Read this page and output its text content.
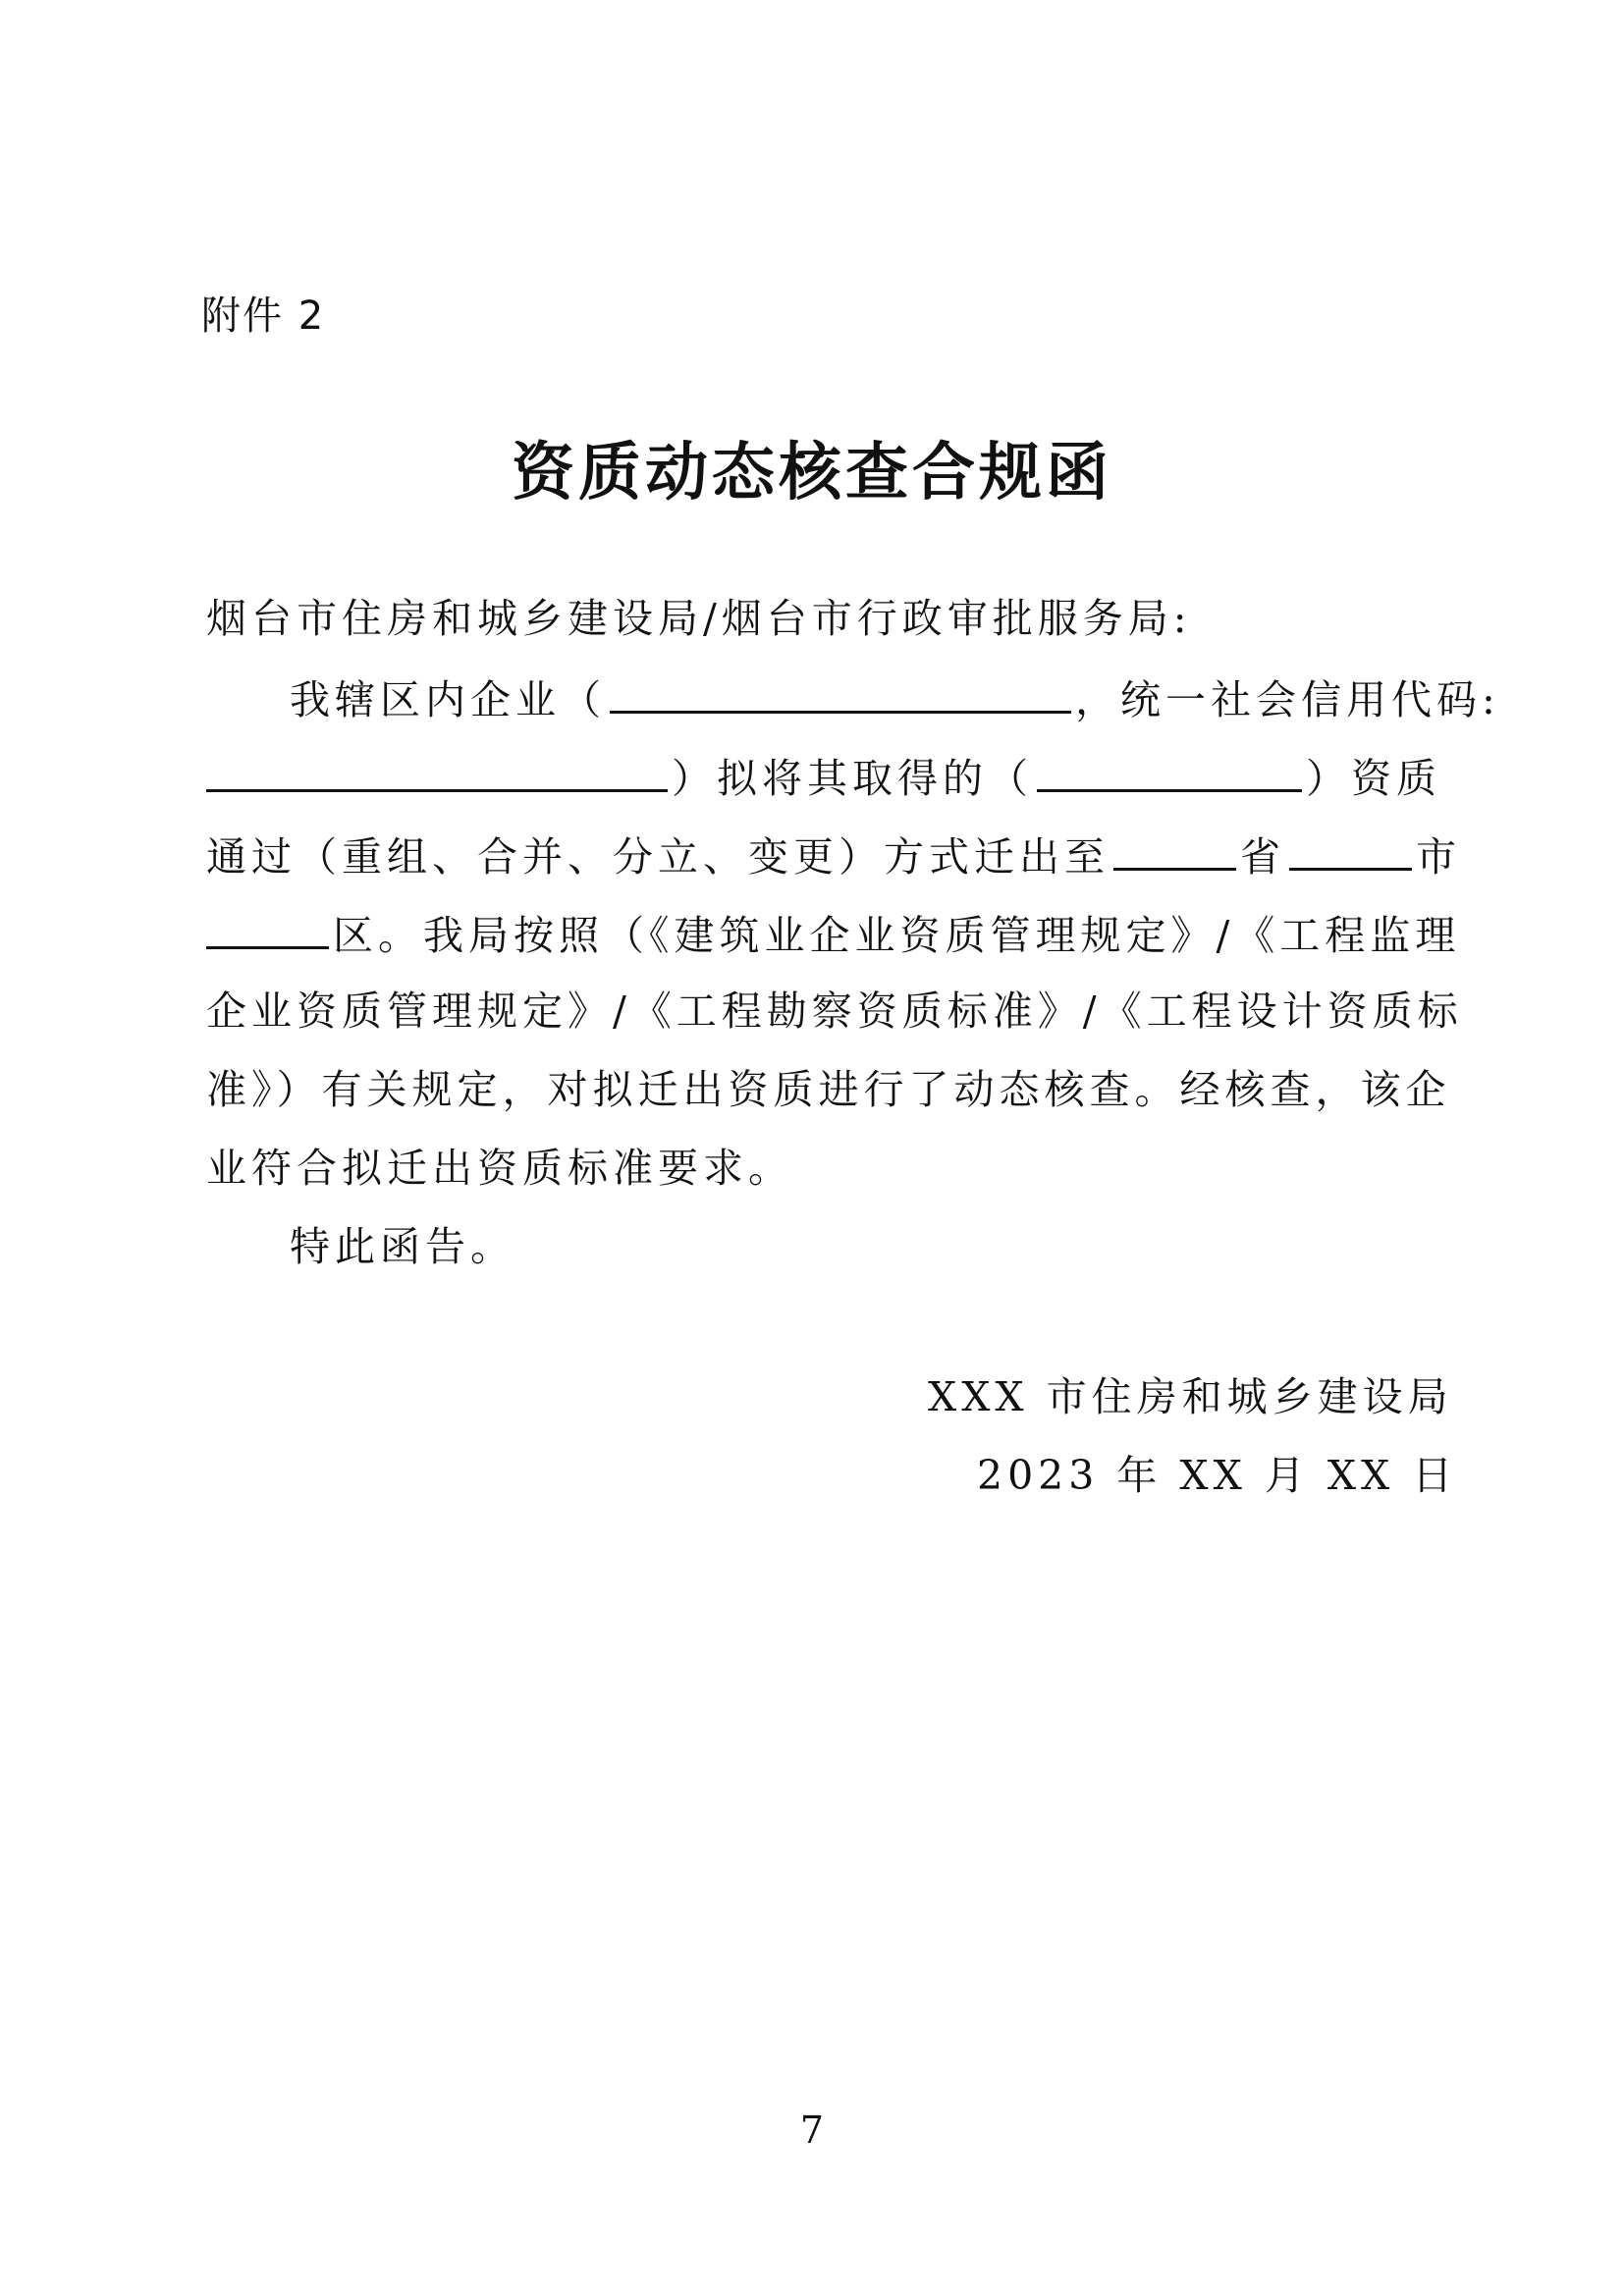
附件 2
资质动态核查合规函
烟台市住房和城乡建设局/烟台市行政审批服务局:
我辖区内企业（	，统一社会信用代码:
）拟将其取得的（	）资质
通过（重组、合并、分立、变更）方式迁出至	省	市
区。我局按照（《建筑业企业资质管理规定》/《工程监理
企业资质管理规定》/《工程勘察资质标准》/《工程设计资质标
准》）有关规定，对拟迁出资质进行了动态核查。经核查，该企
业符合拟迁出资质标准要求。
特此函告。
XXX 市住房和城乡建设局
2023 年 XX 月 XX 日
7
